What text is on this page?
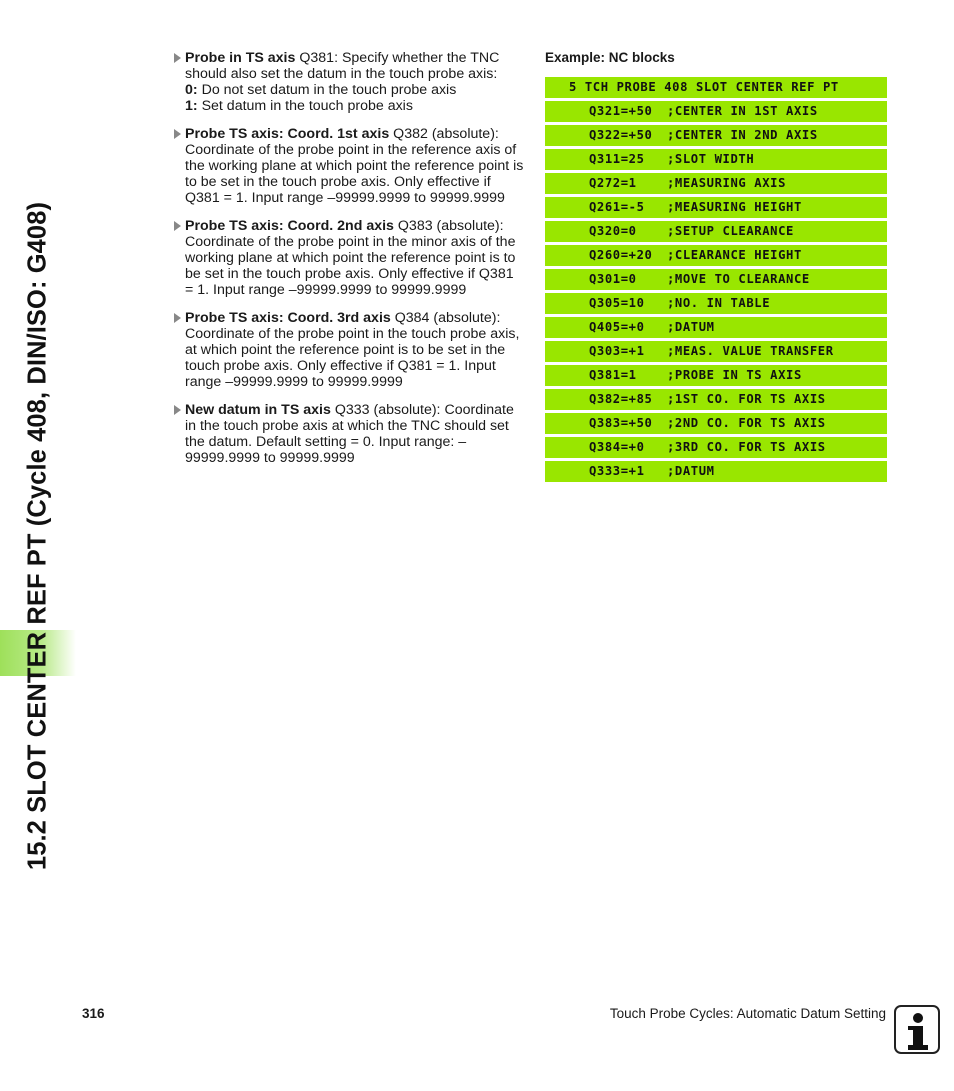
15.2 SLOT CENTER REF PT (Cycle 408, DIN/ISO: G408)
Probe in TS axis Q381: Specify whether the TNC should also set the datum in the touch probe axis:
0: Do not set datum in the touch probe axis
1: Set datum in the touch probe axis
Probe TS axis: Coord. 1st axis Q382 (absolute): Coordinate of the probe point in the reference axis of the working plane at which point the reference point is to be set in the touch probe axis. Only effective if Q381 = 1. Input range –99999.9999 to 99999.9999
Probe TS axis: Coord. 2nd axis Q383 (absolute): Coordinate of the probe point in the minor axis of the working plane at which point the reference point is to be set in the touch probe axis. Only effective if Q381 = 1. Input range –99999.9999 to 99999.9999
Probe TS axis: Coord. 3rd axis Q384 (absolute): Coordinate of the probe point in the touch probe axis, at which point the reference point is to be set in the touch probe axis. Only effective if Q381 = 1. Input range –99999.9999 to 99999.9999
New datum in TS axis Q333 (absolute): Coordinate in the touch probe axis at which the TNC should set the datum. Default setting = 0. Input range: –99999.9999 to 99999.9999
Example: NC blocks
5 TCH PROBE 408 SLOT CENTER REF PT
Q321=+50 ;CENTER IN 1ST AXIS
Q322=+50 ;CENTER IN 2ND AXIS
Q311=25 ;SLOT WIDTH
Q272=1 ;MEASURING AXIS
Q261=-5 ;MEASURING HEIGHT
Q320=0 ;SETUP CLEARANCE
Q260=+20 ;CLEARANCE HEIGHT
Q301=0 ;MOVE TO CLEARANCE
Q305=10 ;NO. IN TABLE
Q405=+0 ;DATUM
Q303=+1 ;MEAS. VALUE TRANSFER
Q381=1 ;PROBE IN TS AXIS
Q382=+85 ;1ST CO. FOR TS AXIS
Q383=+50 ;2ND CO. FOR TS AXIS
Q384=+0 ;3RD CO. FOR TS AXIS
Q333=+1 ;DATUM
316	Touch Probe Cycles: Automatic Datum Setting
